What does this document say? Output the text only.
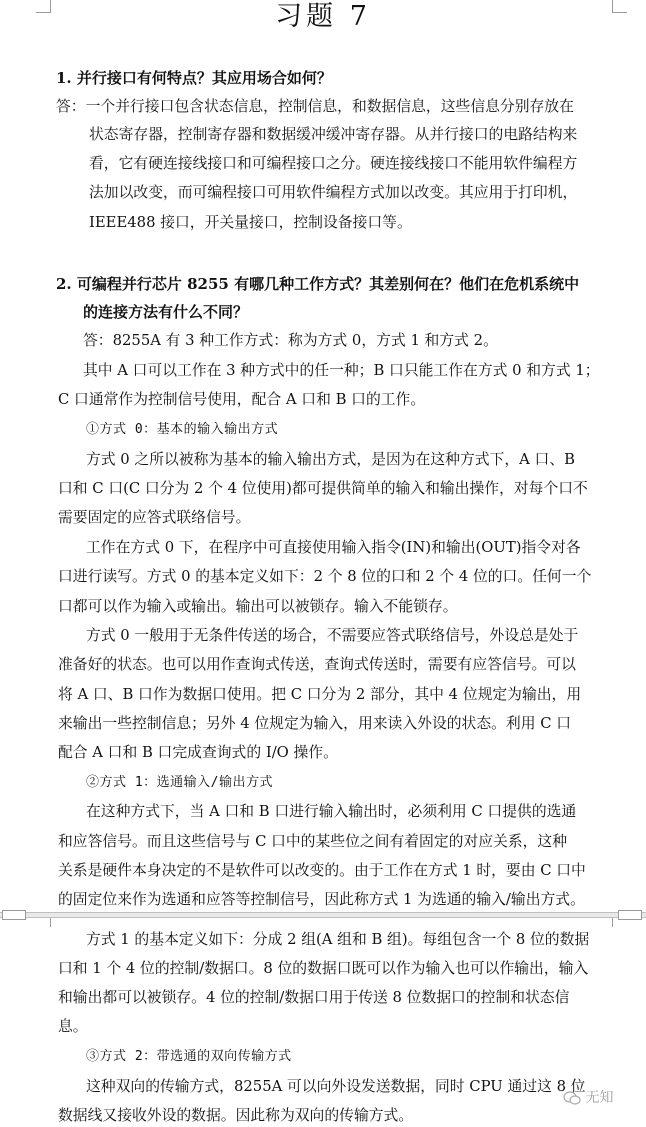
习题 7
1. 并行接口有何特点？其应用场合如何？
答：一个并行接口包含状态信息，控制信息，和数据信息，这些信息分别存放在
状态寄存器，控制寄存器和数据缓冲缓冲寄存器。从并行接口的电路结构来
看，它有硬连接线接口和可编程接口之分。硬连接线接口不能用软件编程方
法加以改变，而可编程接口可用软件编程方式加以改变。其应用于打印机，
IEEE488 接口，开关量接口，控制设备接口等。
2. 可编程并行芯片 8255 有哪几种工作方式？其差别何在？他们在危机系统中
的连接方法有什么不同？
答：8255A 有 3 种工作方式：称为方式 0，方式 1 和方式 2。
其中 A 口可以工作在 3 种方式中的任一种；B 口只能工作在方式 0 和方式 1；
C 口通常作为控制信号使用，配合 A 口和 B 口的工作。
①方式 0：基本的输入输出方式
方式 0 之所以被称为基本的输入输出方式，是因为在这种方式下，A 口、B
口和 C 口(C 口分为 2 个 4 位使用)都可提供简单的输入和输出操作，对每个口不
需要固定的应答式联络信号。
工作在方式 0 下，在程序中可直接使用输入指令(IN)和输出(OUT)指令对各
口进行读写。方式 0 的基本定义如下：2 个 8 位的口和 2 个 4 位的口。任何一个
口都可以作为输入或输出。输出可以被锁存。输入不能锁存。
方式 0 一般用于无条件传送的场合，不需要应答式联络信号，外设总是处于
准备好的状态。也可以用作查询式传送，查询式传送时，需要有应答信号。可以
将 A 口、B 口作为数据口使用。把 C 口分为 2 部分，其中 4 位规定为输出，用
来输出一些控制信息；另外 4 位规定为输入，用来读入外设的状态。利用 C 口
配合 A 口和 B 口完成查询式的 I/O 操作。
②方式 1：选通输入/输出方式
在这种方式下，当 A 口和 B 口进行输入输出时，必须利用 C 口提供的选通
和应答信号。而且这些信号与 C 口中的某些位之间有着固定的对应关系，这种
关系是硬件本身决定的不是软件可以改变的。由于工作在方式 1 时，要由 C 口中
的固定位来作为选通和应答等控制信号，因此称方式 1 为选通的输入/输出方式。
方式 1 的基本定义如下：分成 2 组(A 组和 B 组)。每组包含一个 8 位的数据
口和 1 个 4 位的控制/数据口。8 位的数据口既可以作为输入也可以作输出，输入
和输出都可以被锁存。4 位的控制/数据口用于传送 8 位数据口的控制和状态信
息。
③方式 2：带选通的双向传输方式
这种双向的传输方式，8255A 可以向外设发送数据，同时 CPU 通过这 8 位
数据线又接收外设的数据。因此称为双向的传输方式。
无知
